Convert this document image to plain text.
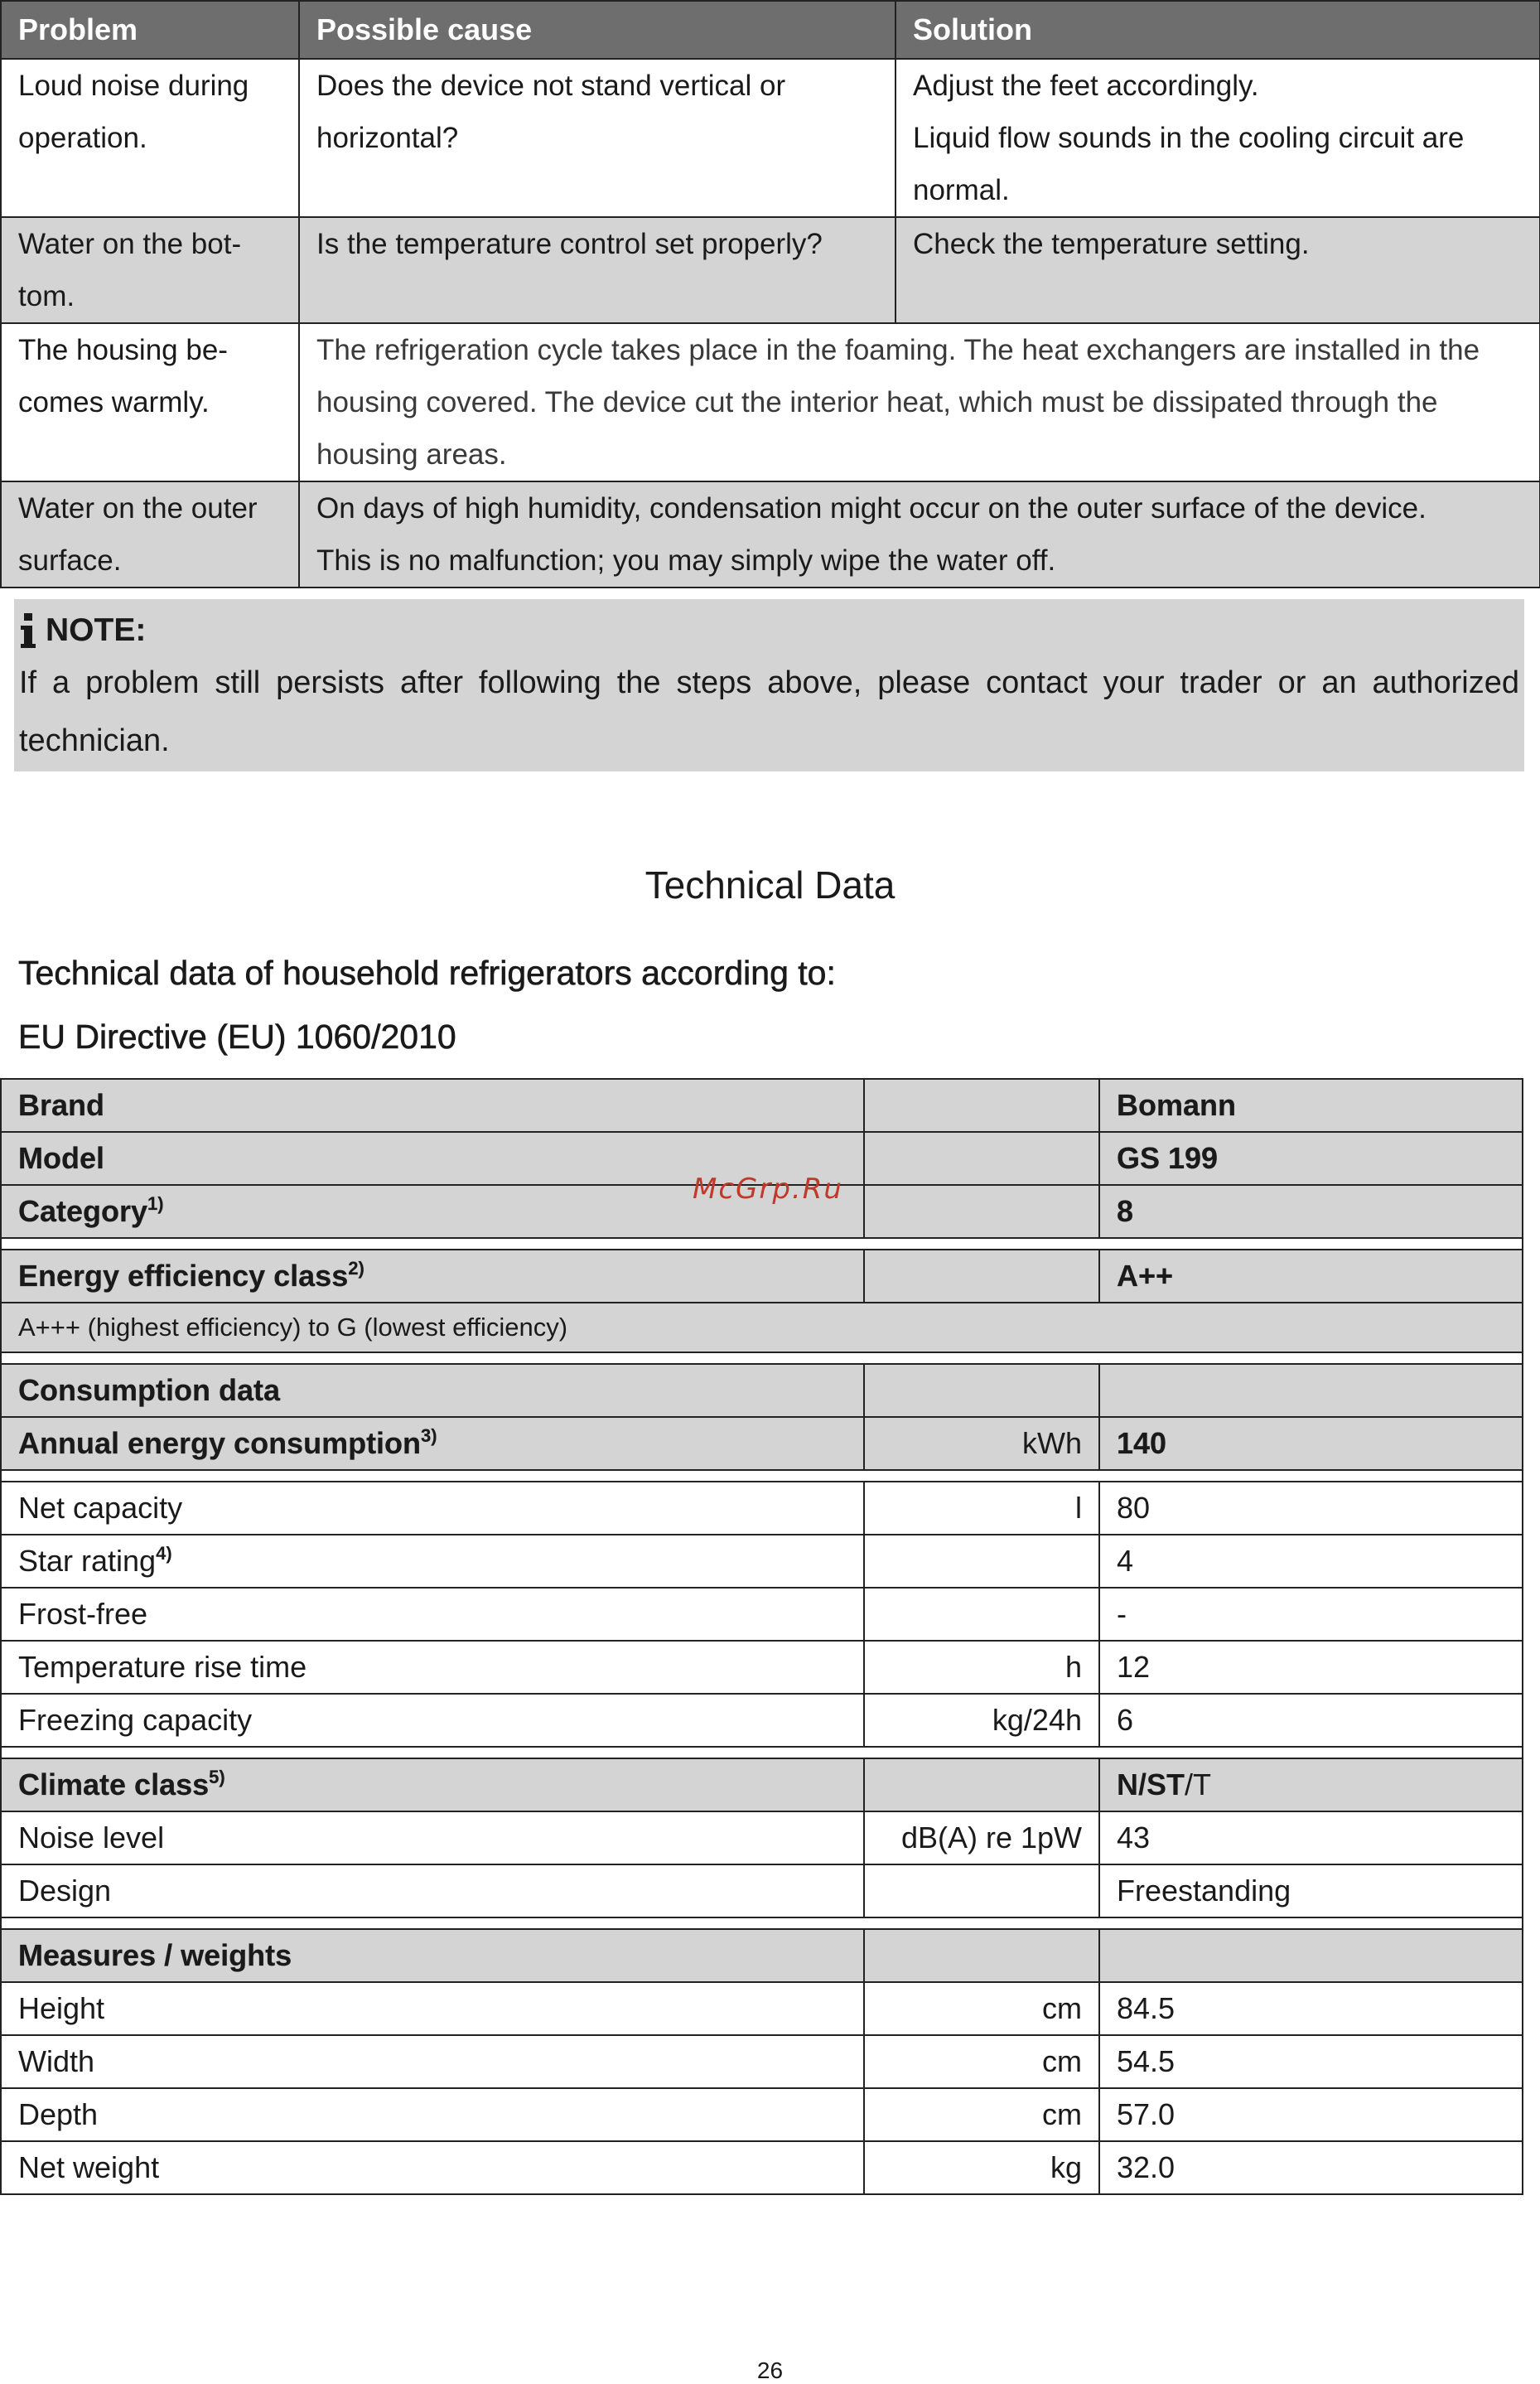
Problem	Possible cause	Solution
Loud noise during operation.	Does the device not stand vertical or horizontal?	Adjust the feet accordingly.
Liquid flow sounds in the cooling circuit are normal.

Water on the bot-tom.	Is the temperature control set properly?	Check the temperature setting.
The housing be-comes warmly.	The refrigeration cycle takes place in the foaming. The heat exchangers are installed in the housing covered. The device cut the interior heat, which must be dissipated through the housing areas.	
Water on the outer surface.	On days of high humidity, condensation might occur on the outer surface of the device.
This is no malfunction; you may simply wipe the water off.	
NOTE:
If a problem still persists after following the steps above, please contact your trader or an authorized technician.
Technical Data
Technical data of household refrigerators according to:
EU Directive (EU) 1060/2010
Brand		Bomann
Model		GS 199
Category$^{1)}$		8

Energy efficiency class$^{2)}$		A++
A+++ (highest efficiency) to G (lowest efficiency)		

Consumption data		
Annual energy consumption$^{3)}$	kWh	140

Net capacity	l	80
Star rating$^{4)}$		4
Frost-free		-
Temperature rise time	h	12
Freezing capacity	kg/24h	6

Climate class$^{5)}$		N/ST/T
Noise level	dB(A) re 1pW	43
Design		Freestanding

Measures / weights		
Height	cm	84.5
Width	cm	54.5
Depth	cm	57.0
Net weight	kg	32.0
McGrp.Ru
26
